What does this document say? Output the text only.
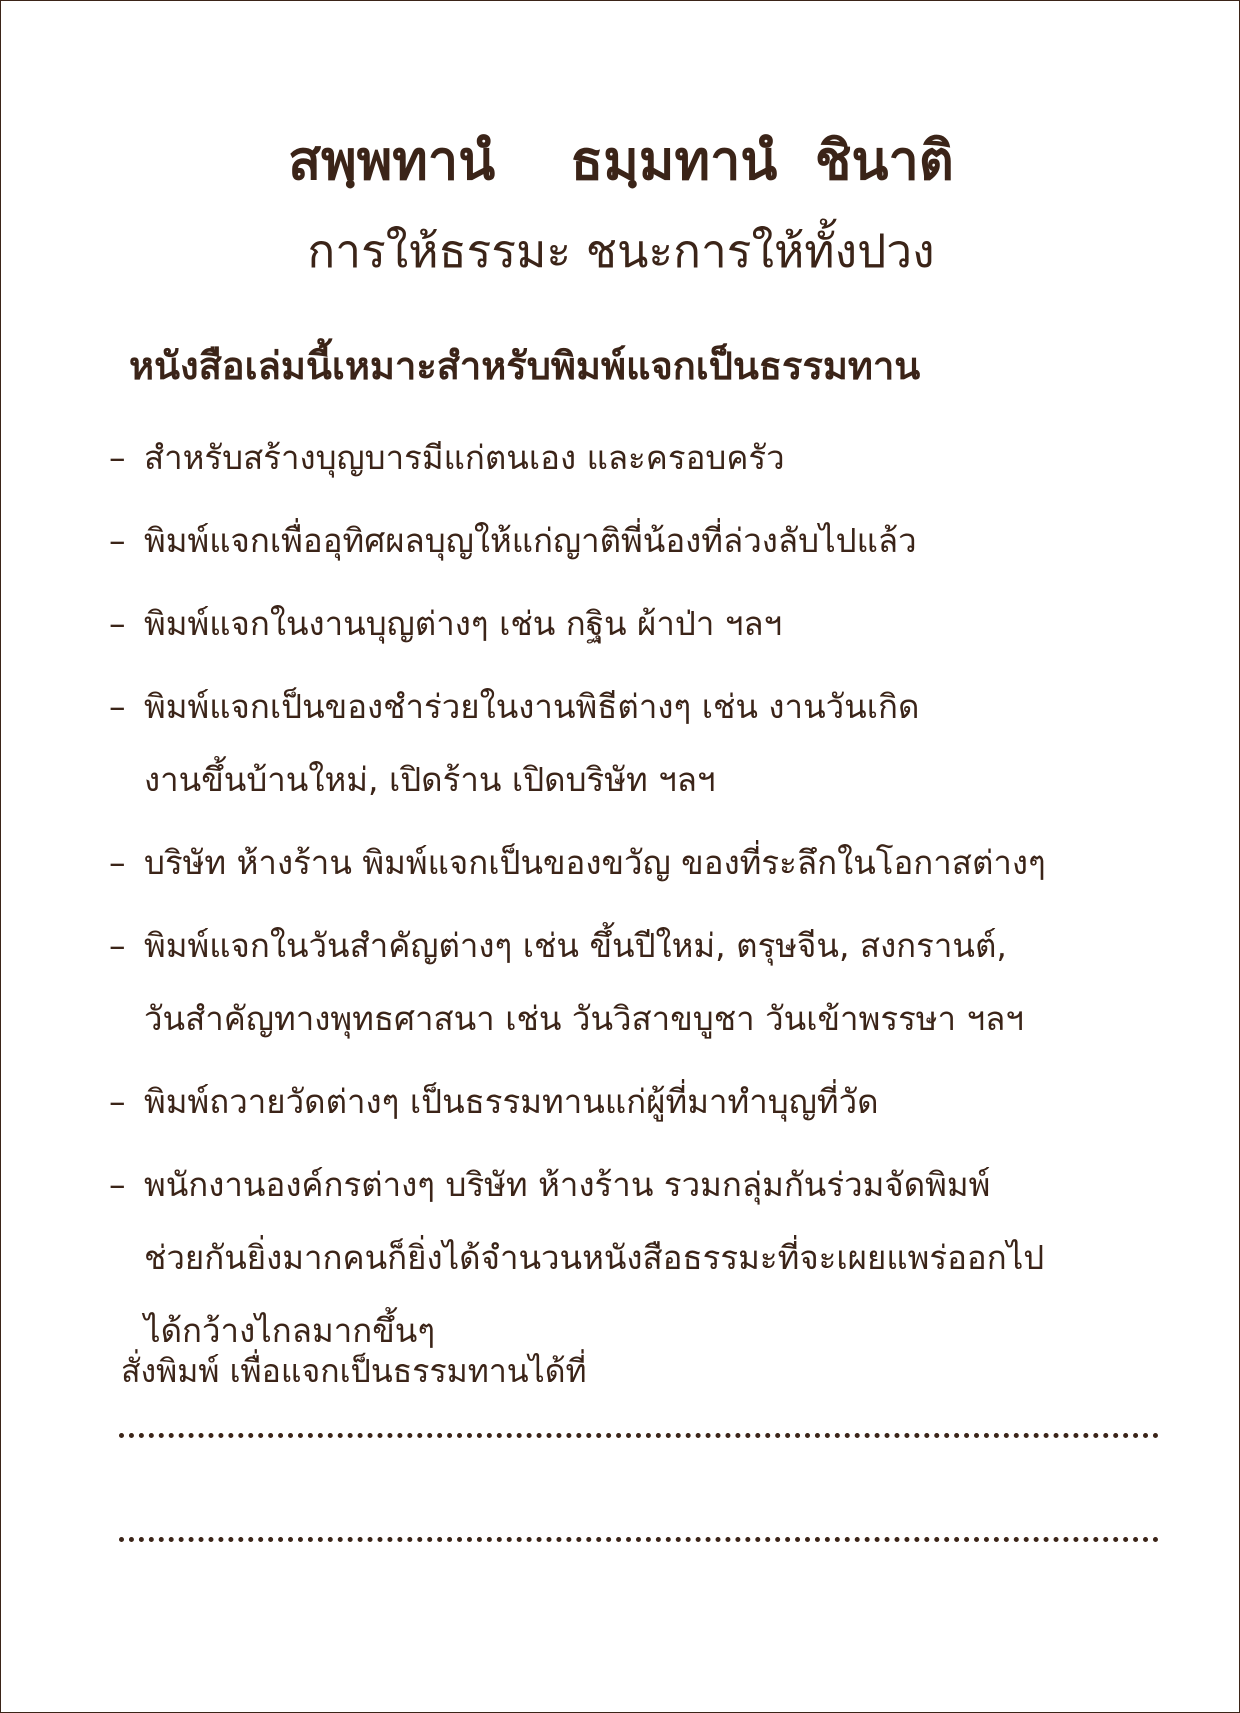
สพฺพทานํ    ธมฺมทานํ  ชินาติ
การให้ธรรมะ ชนะการให้ทั้งปวง
หนังสือเล่มนี้เหมาะสำหรับพิมพ์แจกเป็นธรรมทาน
– สำหรับสร้างบุญบารมีแก่ตนเอง และครอบครัว
– พิมพ์แจกเพื่ออุทิศผลบุญให้แก่ญาติพี่น้องที่ล่วงลับไปแล้ว
– พิมพ์แจกในงานบุญต่างๆ เช่น กฐิน ผ้าป่า ฯลฯ
– พิมพ์แจกเป็นของชำร่วยในงานพิธีต่างๆ เช่น งานวันเกิด
งานขึ้นบ้านใหม่, เปิดร้าน เปิดบริษัท ฯลฯ
– บริษัท ห้างร้าน พิมพ์แจกเป็นของขวัญ ของที่ระลึกในโอกาสต่างๆ
– พิมพ์แจกในวันสำคัญต่างๆ เช่น ขึ้นปีใหม่, ตรุษจีน, สงกรานต์,
วันสำคัญทางพุทธศาสนา เช่น วันวิสาขบูชา วันเข้าพรรษา ฯลฯ
– พิมพ์ถวายวัดต่างๆ เป็นธรรมทานแก่ผู้ที่มาทำบุญที่วัด
– พนักงานองค์กรต่างๆ บริษัท ห้างร้าน รวมกลุ่มกันร่วมจัดพิมพ์
ช่วยกันยิ่งมากคนก็ยิ่งได้จำนวนหนังสือธรรมะที่จะเผยแพร่ออกไป
ได้กว้างไกลมากขึ้นๆ
สั่งพิมพ์ เพื่อแจกเป็นธรรมทานได้ที่
